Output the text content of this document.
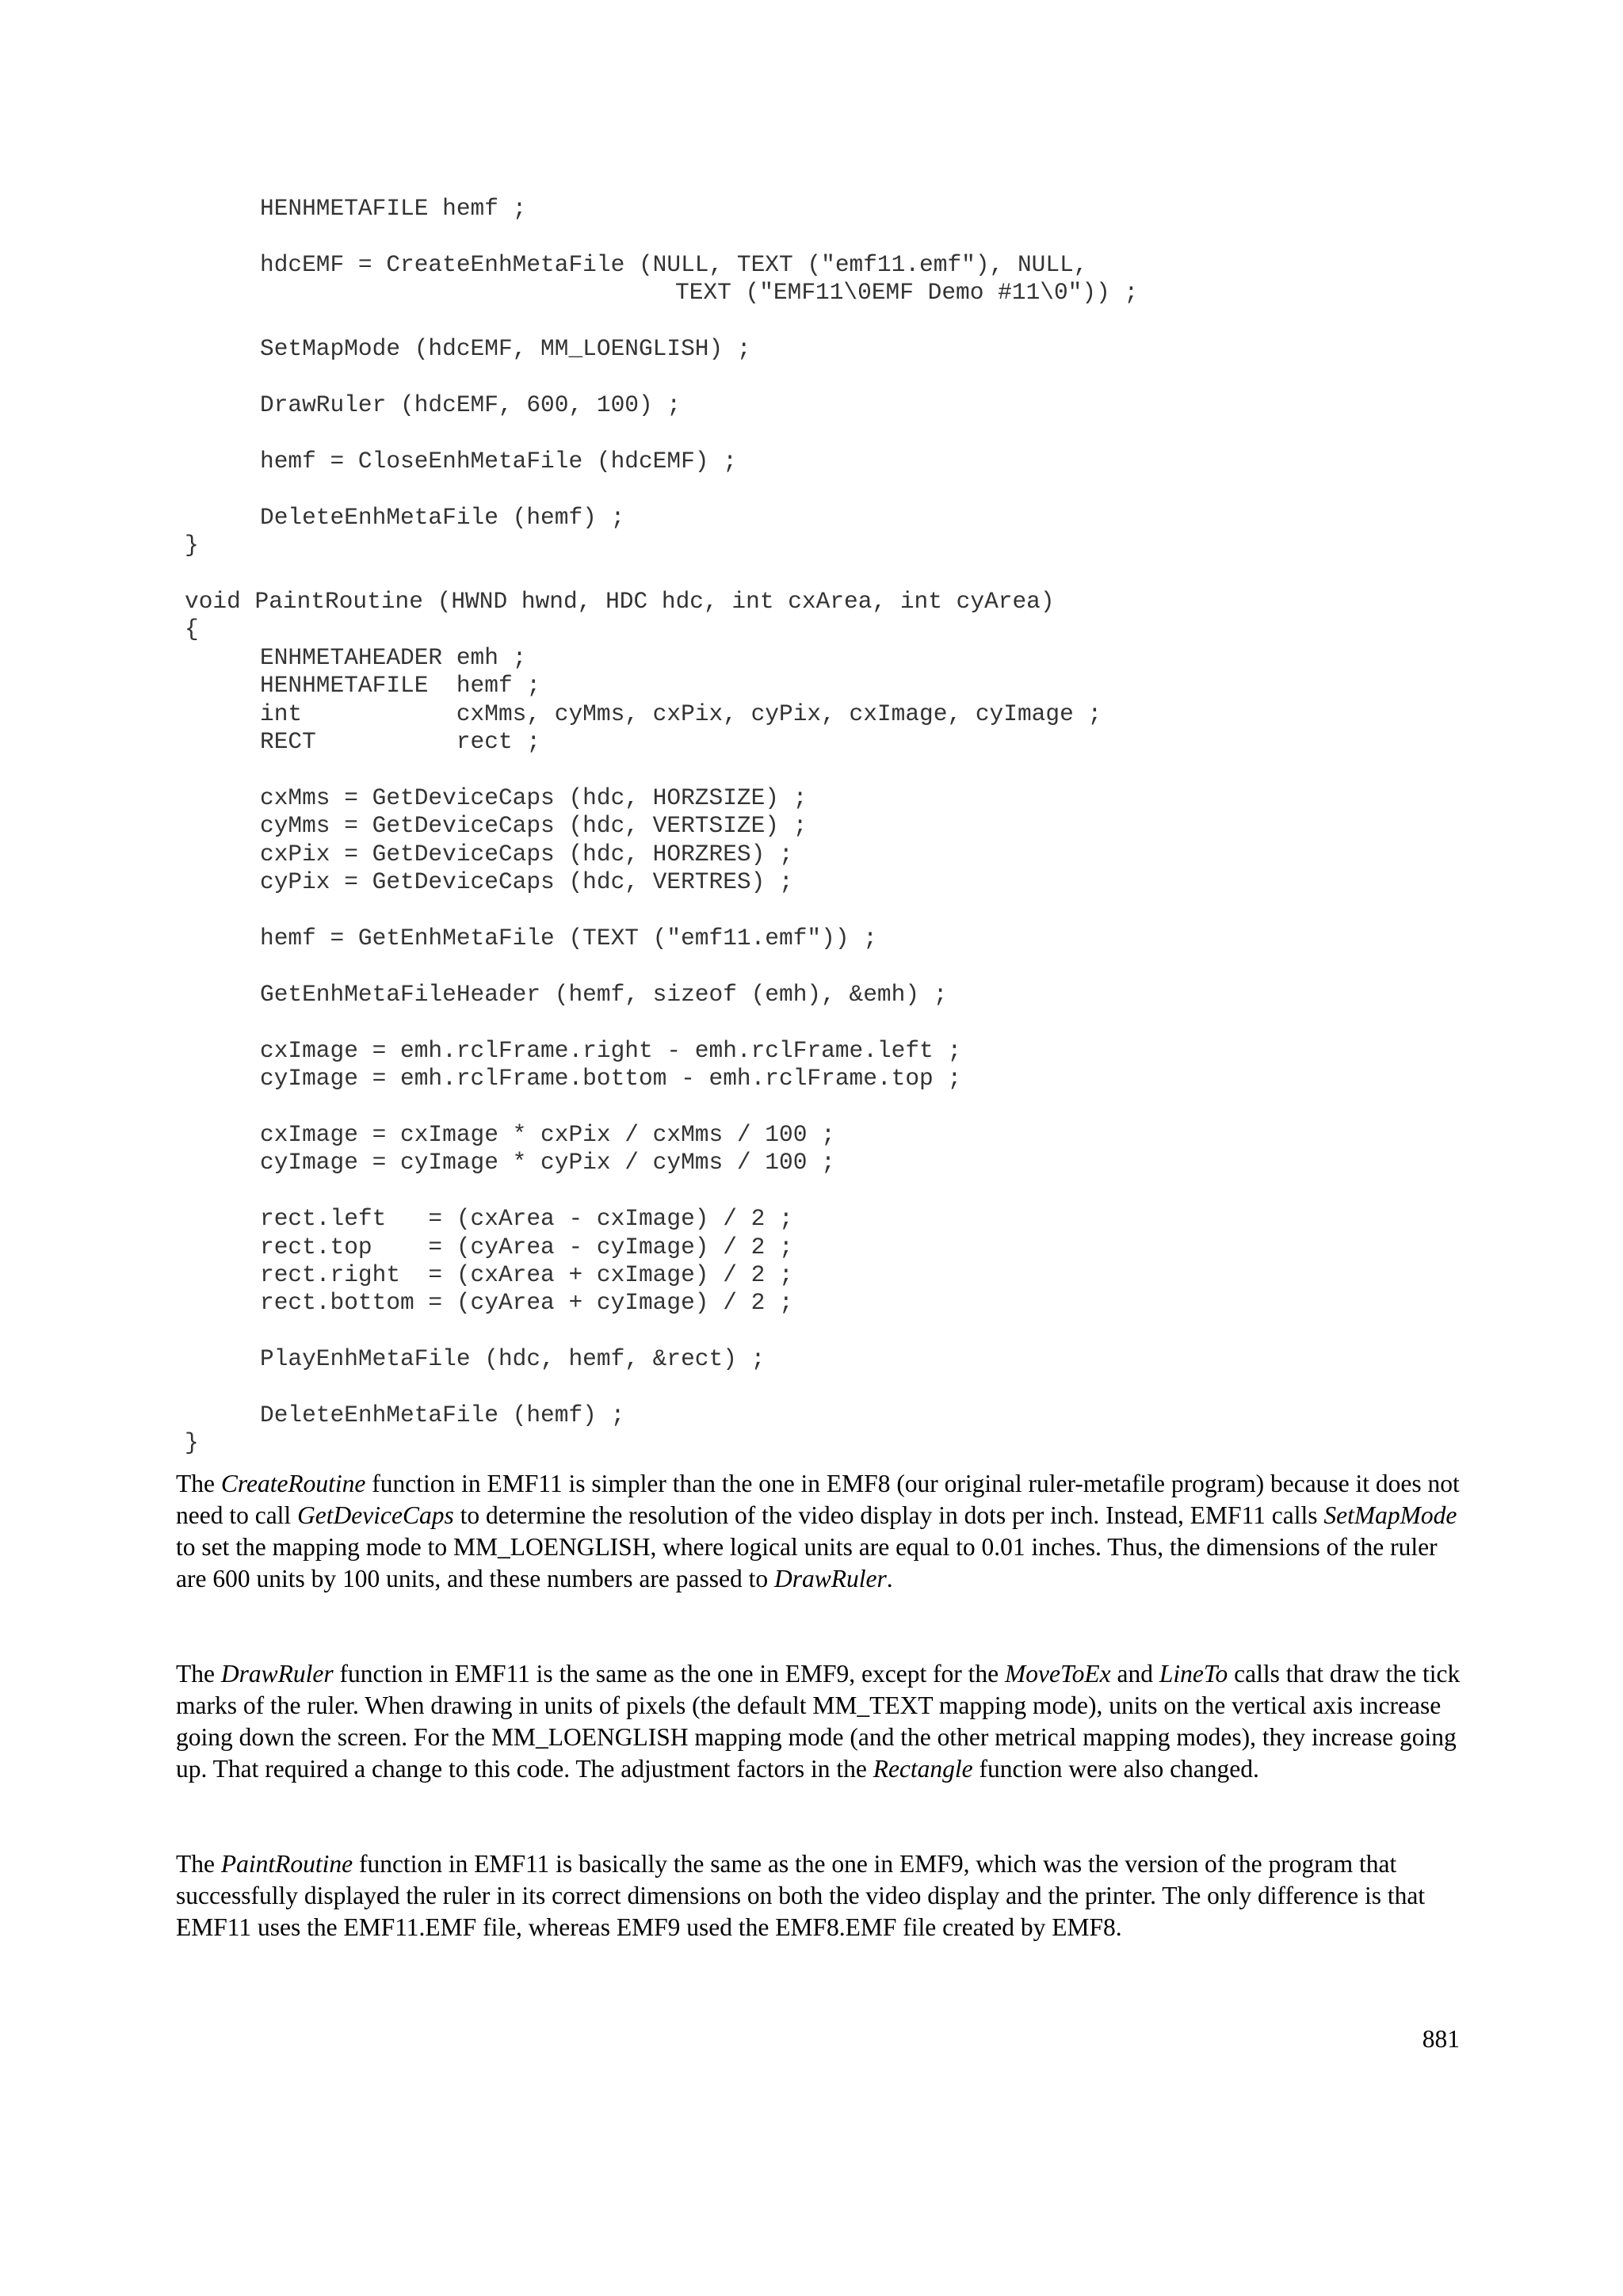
HENHMETAFILE hemf ;
hdcEMF = CreateEnhMetaFile (NULL, TEXT ("emf11.emf"), NULL,
TEXT ("EMF11\0EMF Demo #11\0")) ;
SetMapMode (hdcEMF, MM_LOENGLISH) ;
DrawRuler (hdcEMF, 600, 100) ;
hemf = CloseEnhMetaFile (hdcEMF) ;
DeleteEnhMetaFile (hemf) ;
}
void PaintRoutine (HWND hwnd, HDC hdc, int cxArea, int cyArea)
{
ENHMETAHEADER emh ;
HENHMETAFILE  hemf ;
int           cxMms, cyMms, cxPix, cyPix, cxImage, cyImage ;
RECT          rect ;
cxMms = GetDeviceCaps (hdc, HORZSIZE) ;
cyMms = GetDeviceCaps (hdc, VERTSIZE) ;
cxPix = GetDeviceCaps (hdc, HORZRES) ;
cyPix = GetDeviceCaps (hdc, VERTRES) ;
hemf = GetEnhMetaFile (TEXT ("emf11.emf")) ;
GetEnhMetaFileHeader (hemf, sizeof (emh), &emh) ;
cxImage = emh.rclFrame.right - emh.rclFrame.left ;
cyImage = emh.rclFrame.bottom - emh.rclFrame.top ;
cxImage = cxImage * cxPix / cxMms / 100 ;
cyImage = cyImage * cyPix / cyMms / 100 ;
rect.left   = (cxArea - cxImage) / 2 ;
rect.top    = (cyArea - cyImage) / 2 ;
rect.right  = (cxArea + cxImage) / 2 ;
rect.bottom = (cyArea + cyImage) / 2 ;
PlayEnhMetaFile (hdc, hemf, &rect) ;
DeleteEnhMetaFile (hemf) ;
}
The CreateRoutine function in EMF11 is simpler than the one in EMF8 (our original ruler-metafile program) because it does not need to call GetDeviceCaps to determine the resolution of the video display in dots per inch. Instead, EMF11 calls SetMapMode to set the mapping mode to MM_LOENGLISH, where logical units are equal to 0.01 inches. Thus, the dimensions of the ruler are 600 units by 100 units, and these numbers are passed to DrawRuler.
The DrawRuler function in EMF11 is the same as the one in EMF9, except for the MoveToEx and LineTo calls that draw the tick marks of the ruler. When drawing in units of pixels (the default MM_TEXT mapping mode), units on the vertical axis increase going down the screen. For the MM_LOENGLISH mapping mode (and the other metrical mapping modes), they increase going up. That required a change to this code. The adjustment factors in the Rectangle function were also changed.
The PaintRoutine function in EMF11 is basically the same as the one in EMF9, which was the version of the program that successfully displayed the ruler in its correct dimensions on both the video display and the printer. The only difference is that EMF11 uses the EMF11.EMF file, whereas EMF9 used the EMF8.EMF file created by EMF8.
881
